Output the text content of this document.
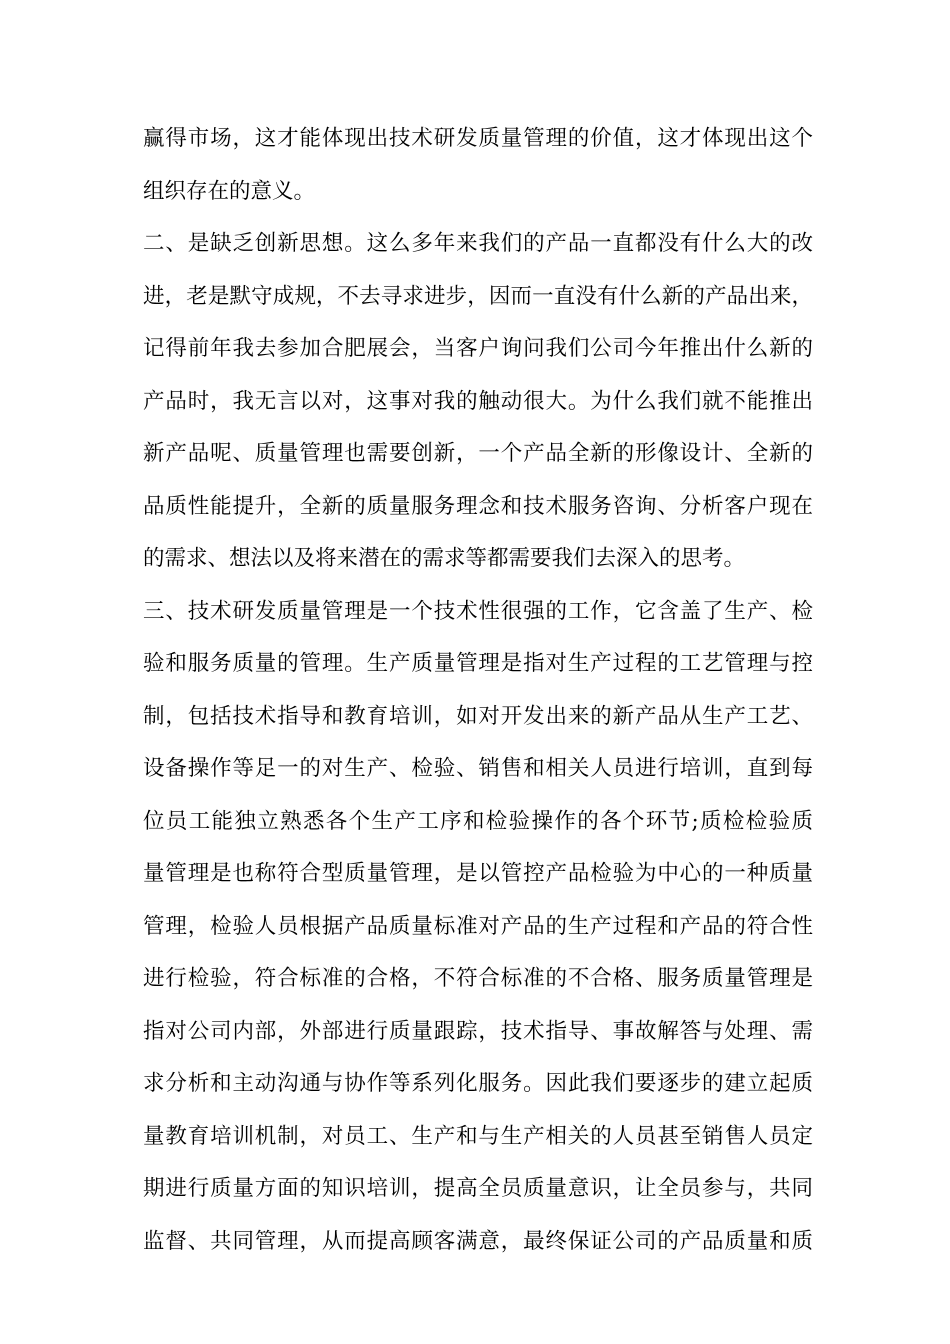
赢得市场，这才能体现出技术研发质量管理的价值，这才体现出这个
组织存在的意义。
二、是缺乏创新思想。这么多年来我们的产品一直都没有什么大的改
进，老是默守成规，不去寻求进步，因而一直没有什么新的产品出来，
记得前年我去参加合肥展会，当客户询问我们公司今年推出什么新的
产品时，我无言以对，这事对我的触动很大。为什么我们就不能推出
新产品呢、质量管理也需要创新，一个产品全新的形像设计、全新的
品质性能提升，全新的质量服务理念和技术服务咨询、分析客户现在
的需求、想法以及将来潜在的需求等都需要我们去深入的思考。
三、技术研发质量管理是一个技术性很强的工作，它含盖了生产、检
验和服务质量的管理。生产质量管理是指对生产过程的工艺管理与控
制，包括技术指导和教育培训，如对开发出来的新产品从生产工艺、
设备操作等足一的对生产、检验、销售和相关人员进行培训，直到每
位员工能独立熟悉各个生产工序和检验操作的各个环节;质检检验质
量管理是也称符合型质量管理，是以管控产品检验为中心的一种质量
管理，检验人员根据产品质量标准对产品的生产过程和产品的符合性
进行检验，符合标准的合格，不符合标准的不合格、服务质量管理是
指对公司内部，外部进行质量跟踪，技术指导、事故解答与处理、需
求分析和主动沟通与协作等系列化服务。因此我们要逐步的建立起质
量教育培训机制，对员工、生产和与生产相关的人员甚至销售人员定
期进行质量方面的知识培训，提高全员质量意识，让全员参与，共同
监督、共同管理，从而提高顾客满意，最终保证公司的产品质量和质
